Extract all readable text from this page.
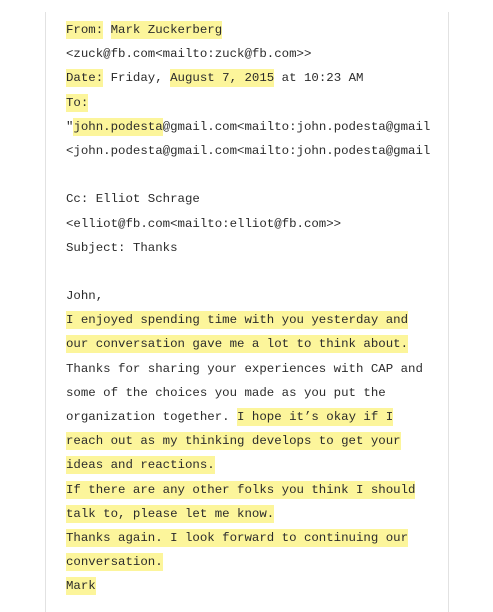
From: Mark Zuckerberg
<zuck@fb.com<mailto:zuck@fb.com>>
Date: Friday, August 7, 2015 at 10:23 AM
To:
"john.podesta@gmail.com<mailto:john.podesta@gmail
<john.podesta@gmail.com<mailto:john.podesta@gmail
Cc: Elliot Schrage
<elliot@fb.com<mailto:elliot@fb.com>>
Subject: Thanks
John,
I enjoyed spending time with you yesterday and
our conversation gave me a lot to think about.
Thanks for sharing your experiences with CAP and
some of the choices you made as you put the
organization together. I hope it’s okay if I
reach out as my thinking develops to get your
ideas and reactions.
If there are any other folks you think I should
talk to, please let me know.
Thanks again. I look forward to continuing our
conversation.
Mark
